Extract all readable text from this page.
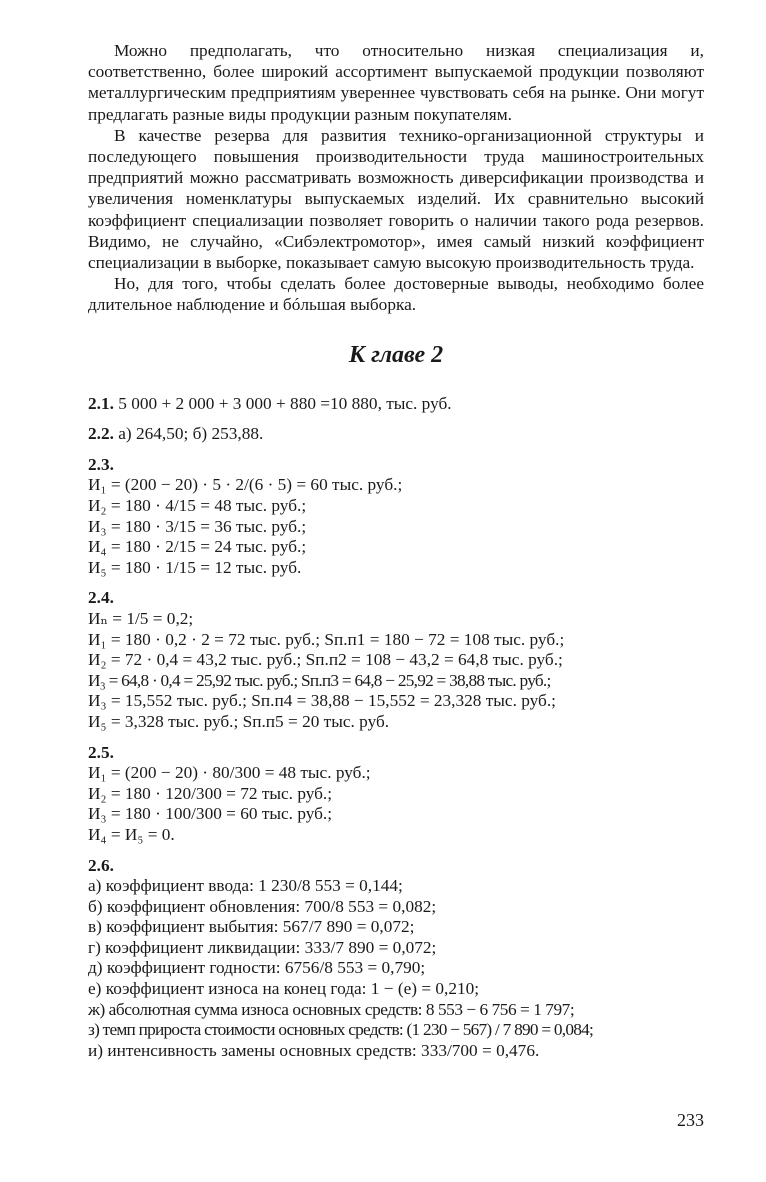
Можно предполагать, что относительно низкая специализация и, соответственно, более широкий ассортимент выпускаемой продукции позволяют металлургическим предприятиям увереннее чувствовать себя на рынке. Они могут предлагать разные виды продукции разным покупателям.

В качестве резерва для развития технико-организационной структуры и последующего повышения производительности труда машиностроительных предприятий можно рассматривать возможность диверсификации производства и увеличения номенклатуры выпускаемых изделий. Их сравнительно высокий коэффициент специализации позволяет говорить о наличии такого рода резервов. Видимо, не случайно, «Сибэлектромотор», имея самый низкий коэффициент специализации в выборке, показывает самую высокую производительность труда.

Но, для того, чтобы сделать более достоверные выводы, необходимо более длительное наблюдение и бóльшая выборка.

К главе 2
2.1. 5 000 + 2 000 + 3 000 + 880 =10 880, тыс. руб.
2.2. а) 264,50; б) 253,88.
2.3.
И₁ = (200 − 20) · 5 · 2/(6 · 5) = 60 тыс. руб.;
И₂ = 180 · 4/15 = 48 тыс. руб.;
И₃ = 180 · 3/15 = 36 тыс. руб.;
И₄ = 180 · 2/15 = 24 тыс. руб.;
И₅ = 180 · 1/15 = 12 тыс. руб.
2.4.
Иₙ = 1/5 = 0,2;
И₁ = 180 · 0,2 · 2 = 72 тыс. руб.; Sп.п1 = 180 − 72 = 108 тыс. руб.;
И₂ = 72 · 0,4 = 43,2 тыс. руб.; Sп.п2 = 108 − 43,2 = 64,8 тыс. руб.;
И₃ = 64,8 · 0,4 = 25,92 тыс. руб.; Sп.п3 = 64,8 − 25,92 = 38,88 тыс. руб.;
И₃ = 15,552 тыс. руб.; Sп.п4 = 38,88 − 15,552 = 23,328 тыс. руб.;
И₅ = 3,328 тыс. руб.; Sп.п5 = 20 тыс. руб.
2.5.
И₁ = (200 − 20) · 80/300 = 48 тыс. руб.;
И₂ = 180 · 120/300 = 72 тыс. руб.;
И₃ = 180 · 100/300 = 60 тыс. руб.;
И₄ = И₅ = 0.
2.6.
а) коэффициент ввода: 1 230/8 553 = 0,144;
б) коэффициент обновления: 700/8 553 = 0,082;
в) коэффициент выбытия: 567/7 890 = 0,072;
г) коэффициент ликвидации: 333/7 890 = 0,072;
д) коэффициент годности: 6756/8 553 = 0,790;
е) коэффициент износа на конец года: 1 − (е) = 0,210;
ж) абсолютная сумма износа основных средств: 8 553 − 6 756 = 1 797;
з) темп прироста стоимости основных средств: (1 230 − 567) / 7 890 = 0,084;
и) интенсивность замены основных средств: 333/700 = 0,476.
233
